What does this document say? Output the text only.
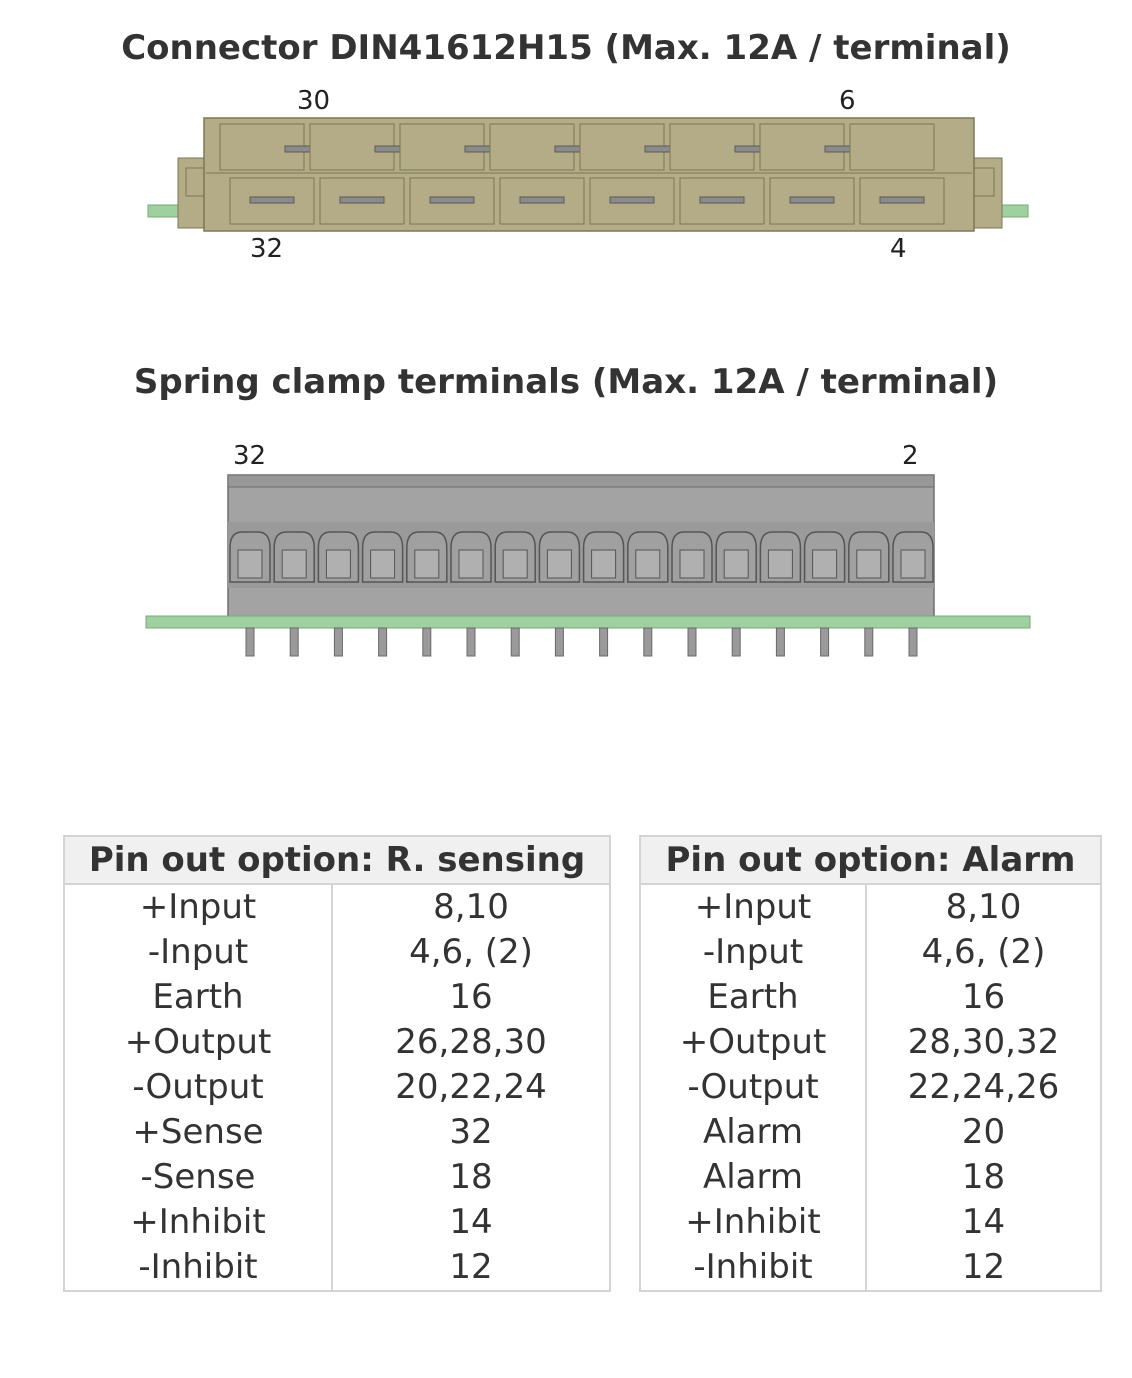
Connector DIN41612H15 (Max. 12A / terminal)
30	6
32	4
Spring clamp terminals (Max. 12A / terminal)
32	2
Pin out option: R. sensing	
+Input	8,10
-Input	4,6, (2)
Earth	16
+Output	26,28,30
-Output	20,22,24
+Sense	32
-Sense	18
+Inhibit	14
-Inhibit	12
Pin out option: Alarm	
+Input	8,10
-Input	4,6, (2)
Earth	16
+Output	28,30,32
-Output	22,24,26
Alarm	20
Alarm	18
+Inhibit	14
-Inhibit	12
